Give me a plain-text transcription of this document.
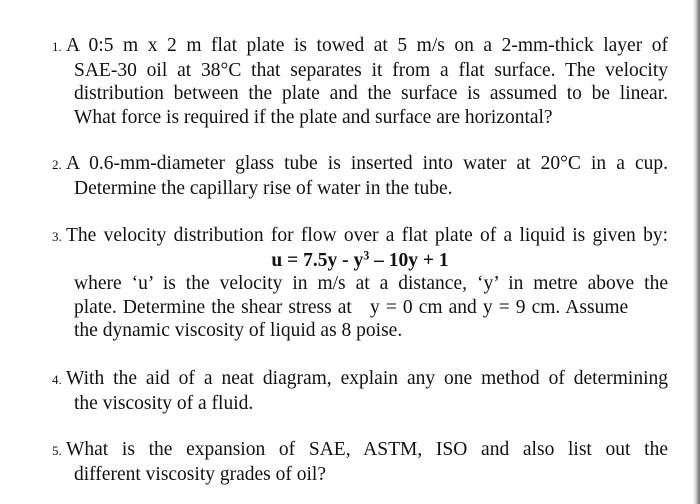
1. A 0:5 m x 2 m flat plate is towed at 5 m/s on a 2-mm-thick layer of
SAE-30 oil at 38°C that separates it from a flat surface. The velocity
distribution between the plate and the surface is assumed to be linear.
What force is required if the plate and surface are horizontal?
2. A 0.6-mm-diameter glass tube is inserted into water at 20°C in a cup.
Determine the capillary rise of water in the tube.
3. The velocity distribution for flow over a flat plate of a liquid is given by:
$u = 7.5y - y^3 - 10y + 1$
where ‘u’ is the velocity in m/s at a distance, ‘y’ in metre above the
plate. Determine the shear stress at   y = 0 cm and y = 9 cm. Assume
the dynamic viscosity of liquid as 8 poise.
4. With the aid of a neat diagram, explain any one method of determining
the viscosity of a fluid.
5. What is the expansion of SAE, ASTM, ISO and also list out the
different viscosity grades of oil?
